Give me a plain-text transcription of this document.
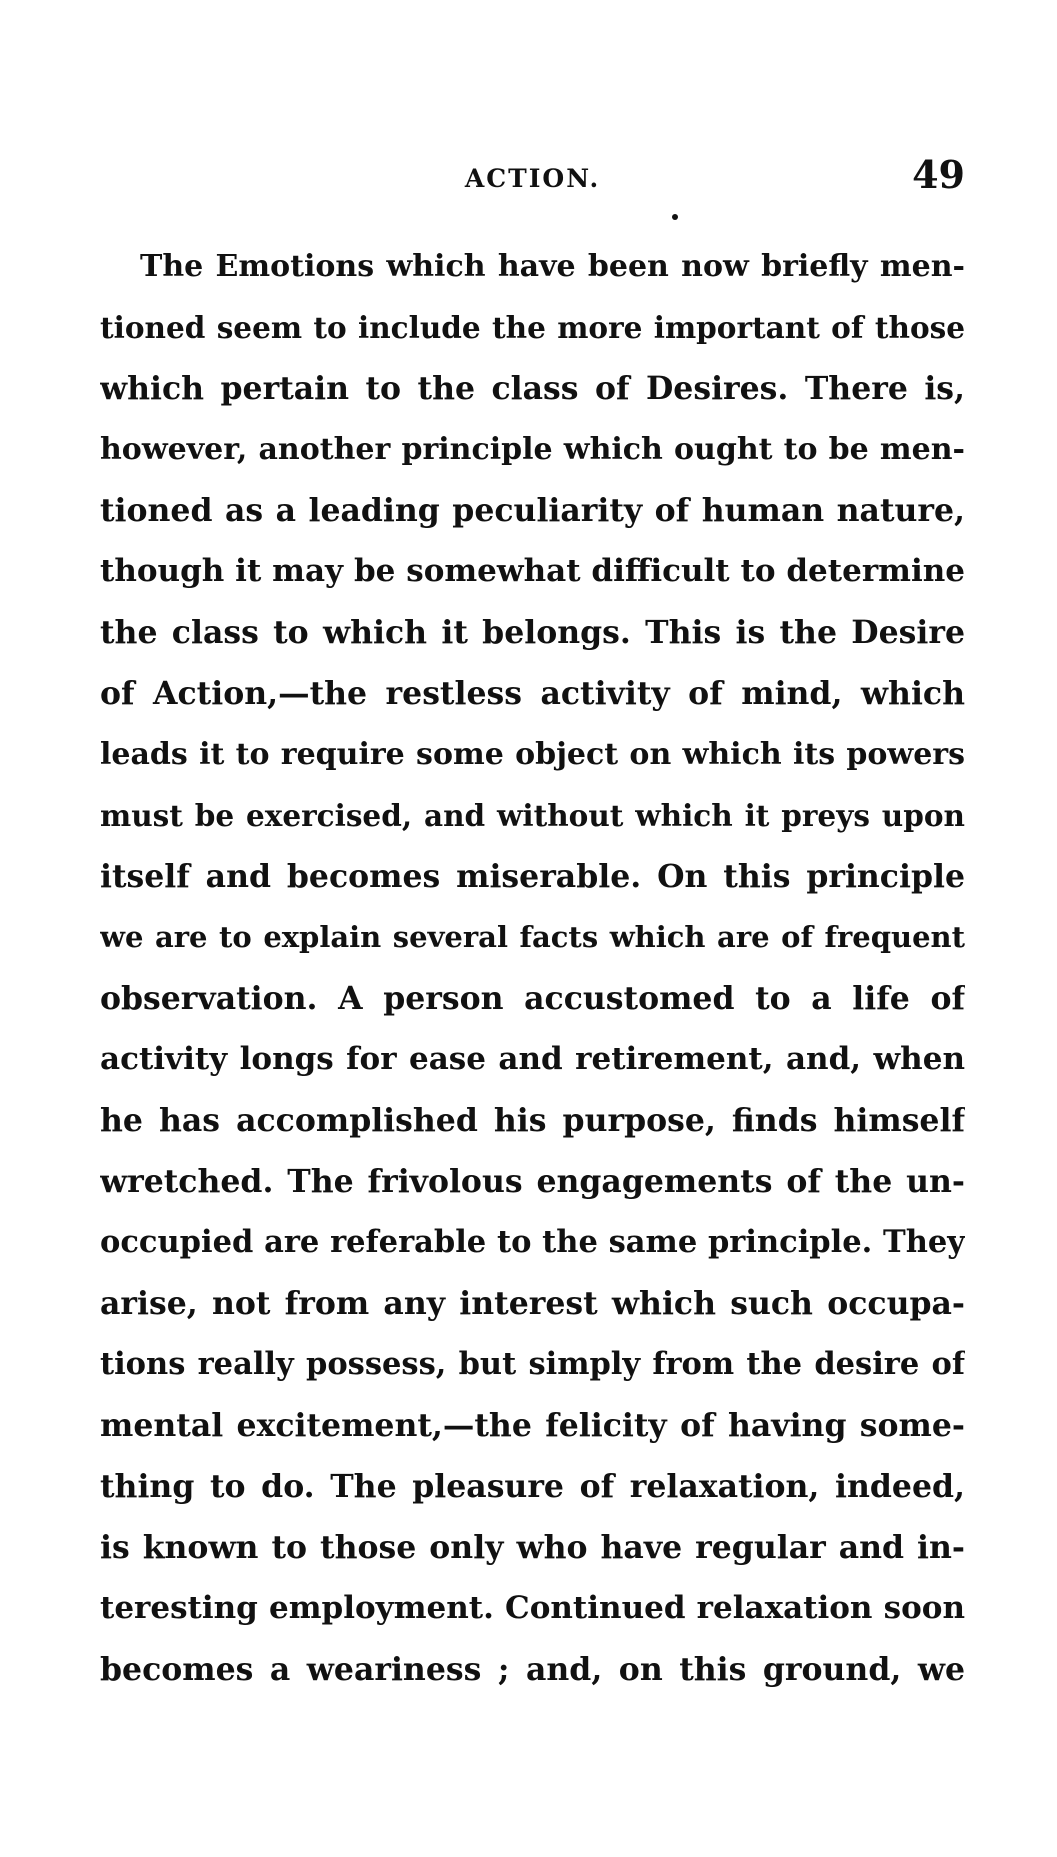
ACTION.	49
The Emotions which have been now briefly men-
tioned seem to include the more important of those
which pertain to the class of Desires. There is,
however, another principle which ought to be men-
tioned as a leading peculiarity of human nature,
though it may be somewhat difficult to determine
the class to which it belongs. This is the Desire
of Action,—the restless activity of mind, which
leads it to require some object on which its powers
must be exercised, and without which it preys upon
itself and becomes miserable. On this principle
we are to explain several facts which are of frequent
observation. A person accustomed to a life of
activity longs for ease and retirement, and, when
he has accomplished his purpose, finds himself
wretched. The frivolous engagements of the un-
occupied are referable to the same principle. They
arise, not from any interest which such occupa-
tions really possess, but simply from the desire of
mental excitement,—the felicity of having some-
thing to do. The pleasure of relaxation, indeed,
is known to those only who have regular and in-
teresting employment. Continued relaxation soon
becomes a weariness ; and, on this ground, we
